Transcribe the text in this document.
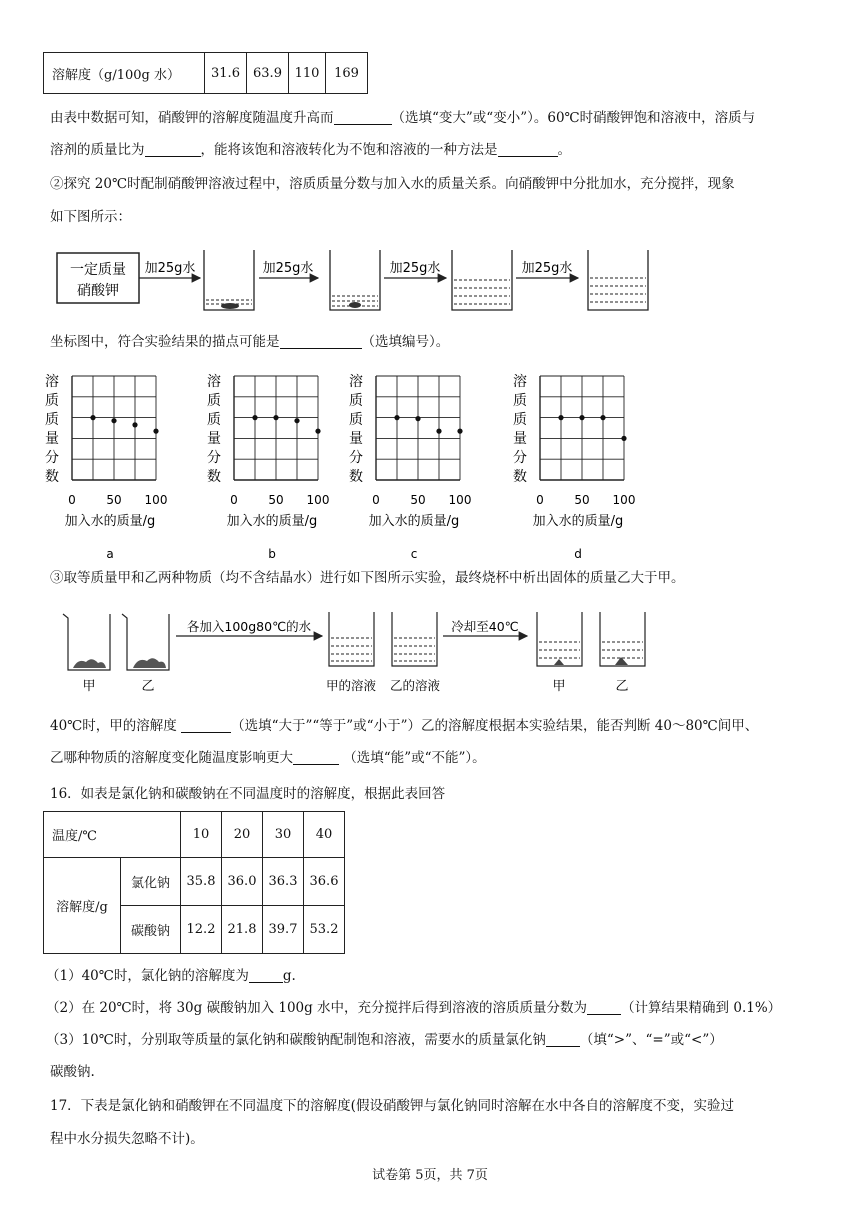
溶解度（g/100g 水）	31.6	63.9	110	169
由表中数据可知，硝酸钾的溶解度随温度升高而	（选填“变大”或“变小”）。60℃时硝酸钾饱和溶液中，溶质与
溶剂的质量比为	，能将该饱和溶液转化为不饱和溶液的一种方法是	。
②探究 20℃时配制硝酸钾溶液过程中，溶质质量分数与加入水的质量关系。向硝酸钾中分批加水，充分搅拌，现象
如下图所示：
一定质量
硝酸钾
加25g水	加25g水	加25g水	加25g水
坐标图中，符合实验结果的描点可能是	（选填编号）。
溶
质
质
量
分
数
0	50 100
加入水的质量/g
a
溶
质
质
量
分
数
0	50 100
加入水的质量/g
b
溶
质
质
量
分
数
0	50 100
加入水的质量/g
c
溶
质
质
量
分
数
0	50 100
加入水的质量/g
d
③取等质量甲和乙两种物质（均不含结晶水）进行如下图所示实验，最终烧杯中析出固体的质量乙大于甲。
甲	乙
各加入100g80℃的水
甲的溶液 乙的溶液
冷却至40℃
甲	乙
40℃时，甲的溶解度	（选填“大于”“等于”或“小于”）乙的溶解度根据本实验结果，能否判断 40～80℃间甲、
乙哪种物质的溶解度变化随温度影响更大	（选填“能”或“不能”）。
16．如表是氯化钠和碳酸钠在不同温度时的溶解度，根据此表回答
温度/℃		10	20	30	40
溶解度/g	氯化钠	35.8	36.0	36.3	36.6
	碳酸钠	12.2	21.8	39.7	53.2
（1）40℃时，氯化钠的溶解度为	g.
（2）在 20℃时，将 30g 碳酸钠加入 100g 水中，充分搅拌后得到溶液的溶质质量分数为	（计算结果精确到 0.1%）
（3）10℃时，分别取等质量的氯化钠和碳酸钠配制饱和溶液，需要水的质量氯化钠	（填“>”、“=”或“<”）
碳酸钠.
17．下表是氯化钠和硝酸钾在不同温度下的溶解度(假设硝酸钾与氯化钠同时溶解在水中各自的溶解度不变，实验过
程中水分损失忽略不计)。
试卷第 5页，共 7页
